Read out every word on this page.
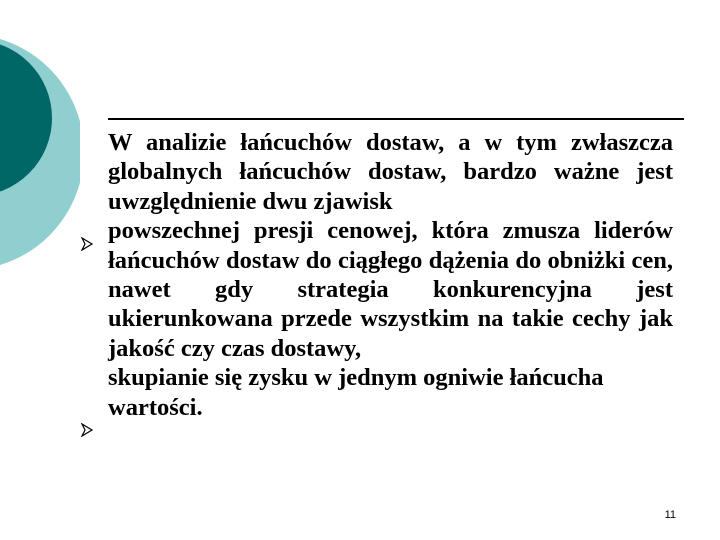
W analizie łańcuchów dostaw, a w tym zwłaszcza globalnych łańcuchów dostaw, bardzo ważne jest uwzględnienie dwu zjawisk

powszechnej presji cenowej, która zmusza liderów łańcuchów dostaw do ciągłego dążenia do obniżki cen, nawet gdy strategia konkurencyjna jest ukierunkowana przede wszystkim na takie cechy jak jakość czy czas dostawy,

skupianie się zysku w jednym ogniwie łańcucha wartości.

11
